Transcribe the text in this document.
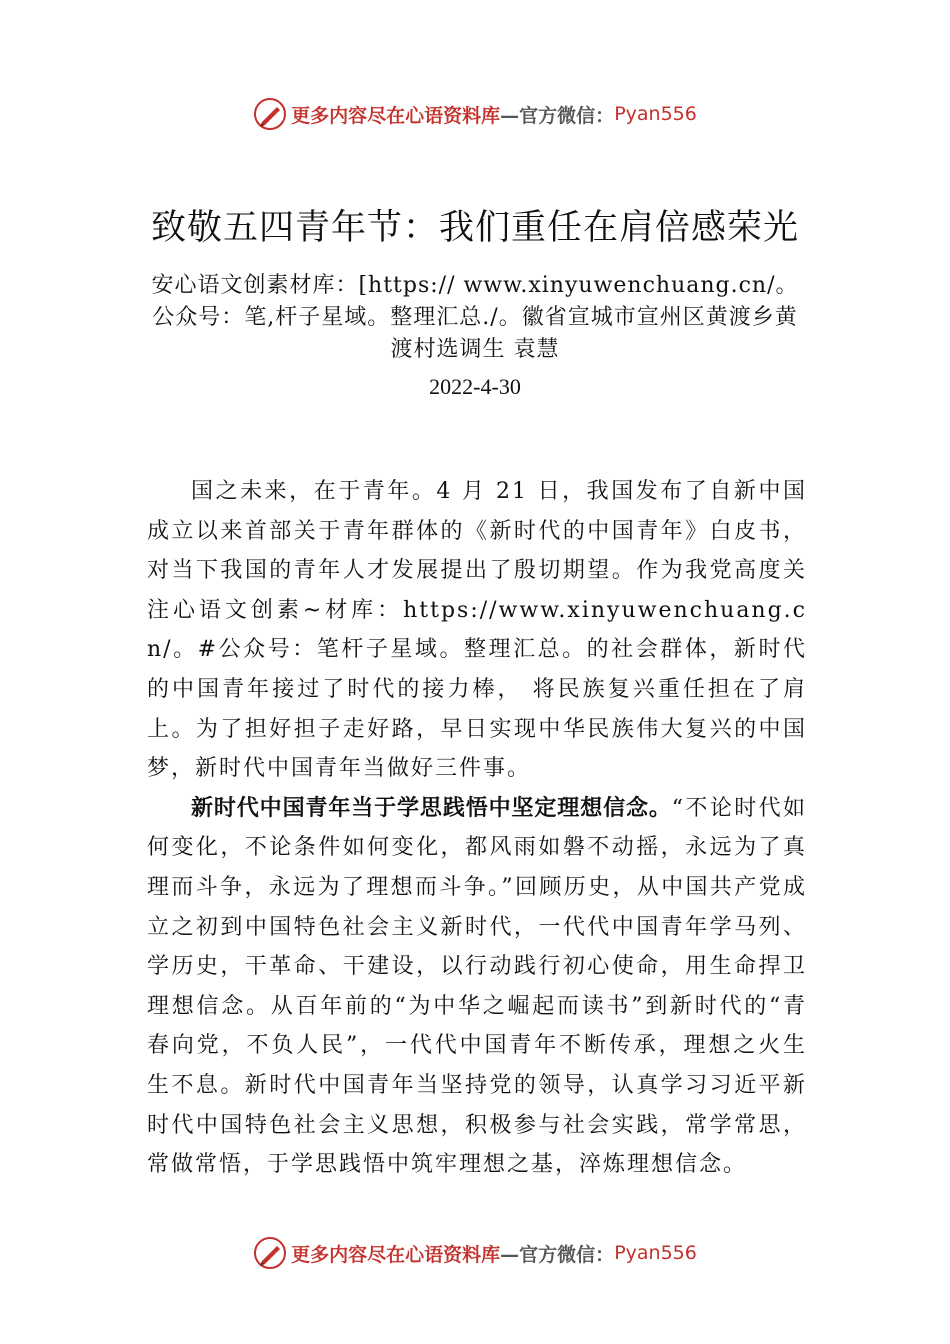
更多内容尽在心语资料库 —官方微信： Pyan556
致敬五四青年节：我们重任在肩倍感荣光
安心语文创素材库：[https:// www.xinyuwenchuang.cn/。公众号：笔,杆子星域。整理汇总./。徽省宣城市宣州区黄渡乡黄渡村选调生 袁慧
2022-4-30

国之未来，在于青年。4 月 21 日，我国发布了自新中国成立以来首部关于青年群体的《新时代的中国青年》白皮书， 对当下我国的青年人才发展提出了殷切期望。作为我党高度关注心语文创素~材库：https://www.xinyuwenchuang.cn/。#公众号：笔杆子星域。整理汇总。的社会群体，新时代的中国青年接过了时代的接力棒， 将民族复兴重任担在了肩上。为了担好担子走好路，早日实现中华民族伟大复兴的中国梦，新时代中国青年当做好三件事。

新时代中国青年当于学思践悟中坚定理想信念。“不论时代如何变化，不论条件如何变化，都风雨如磐不动摇，永远为了真理而斗争，永远为了理想而斗争。”回顾历史，从中国共产党成立之初到中国特色社会主义新时代，一代代中国青年学马列、学历史，干革命、干建设，以行动践行初心使命，用生命捍卫理想信念。从百年前的“为中华之崛起而读书”到新时代的“青春向党，不负人民”，一代代中国青年不断传承，理想之火生生不息。新时代中国青年当坚持党的领导，认真学习习近平新时代中国特色社会主义思想，积极参与社会实践，常学常思，常做常悟，于学思践悟中筑牢理想之基，淬炼理想信念。

更多内容尽在心语资料库 —官方微信： Pyan556
